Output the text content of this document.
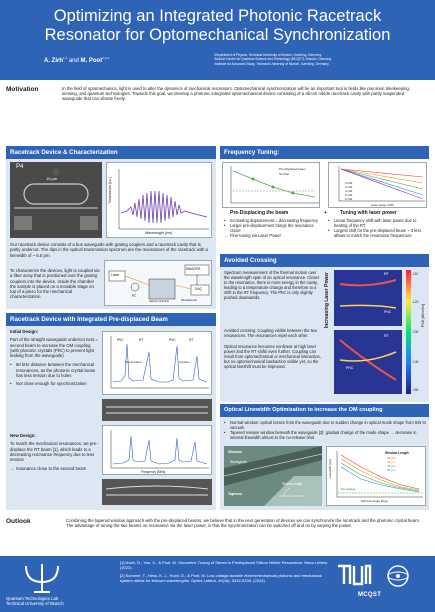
Optimizing an Integrated Photonic Racetrack
Resonator for Optomechanical Synchronization
A. Zirh$^{1,2}$ and M. Poot$^{1,2,3}$
¹Department of Physics, Technical University of Munich, Garching, Germany
²Munich Center for Quantum Science and Technology (MCQST), Munich, Germany
³Institute for Advanced Study, Technical University of Munich, Garching, Germany
Motivation	In the field of optomechanics, light is used to alter the dynamics of mechanical resonators. Optomechanical synchronization will be an important tool in fields like precision timekeeping, sensing, and quantum technologies. Towards this goal, we develop a photonic integrated optomechanical device consisting of a silicon nitride racetrack cavity with partly suspended waveguide that can vibrate freely.
Racetrack Device & Characterization
10 µm
P4
Wavelength [nm]
Transmission [a.u.]
Our racetrack device consists of a bus waveguide with grating couplers and a racetrack cavity that is partly undercut. The dips in the optical transmission spectrum are the resonances of the racetrack with a linewidth of ~ 6.5 pm.
To characterize the devices, light is coupled via a fiber array that is positioned over the grating couplers into the device. Inside the chamber the sample is placed on a movable stage on top of a piezo for the mechanical characterization.
Laser
PC
NWA/SPA
DAQ
Photodetector
Vacuum chamber
Racetrack Device with Integrated Pre-displaced Beam
Initial Design:
Part of the straight waveguide undercut next = second beam to increase the OM coupling (with photonic crystals (PhC) to prevent light leaking from the waveguide)
• 50 kHz distance between the mechanical resonances, as the photonic crystal beam has less tension due to holes
• Not close enough for synchronization
New Design:
To match the mechanical resonances, we pre-displace the RT beam [1], which leads to a decreasing resonance frequency due to less tension
→ resonance close to the second beam
PhC	RT	PhC	RT
In-plane
Out-of-plane
Frequency [MHz]
Frequency Tuning:
Pre-displaced beam
Normal
0 mW
2 mW
4 mW
6 mW
8 mW
Laser power [mW]
Pre-Displacing the beam	+	Tuning with laser power
• Increasing displacement = decreasing frequency
• Larger pre-displacement brings the resonance closer
→ Fine-tuning via Laser Power
• Linear frequency shift with laser power due to heating of the RT
• Largest shift for the pre-displaced beam ~ 3 kHz allows to match the resonance frequencies
Avoided Crossing
Spectrum measurement of the thermal motion over the wavelength span of an optical resonance. Closer to the resonance, there is more energy in the cavity, leading to a temperature change and therefore to a shift in the RT frequency. The PhC is only slightly pushed downwards.
Avoided crossing: Coupling visible between the two resonances. The resonances repel each other.
Optical resonance becomes nonlinear at high laser power and the RT shifts even further. Coupling can result from optomechanical or mechanical interaction, but no optomechanical backaction visible yet, so the optical lineshift must be improved.
Increasing Laser Power	RT
PhC
RT
PhC
-110
-120
-130
-140
-150
PSD [dBm/Hz]
Optical Linewidth Optimization to increase the OM coupling
• Normal window: optical losses from the waveguide due to sudden change in optical mode shape from SiN to vacuum
• Tapered release window beneath the waveguide [2]: gradual change of the mode shape → decrease in internal linewidth almost to the no-release limit
Window
Waveguide
Tapered
Window Angle
Window Length
25 µm
35 µm
45 µm
55 µm
No release
Window Angle [deg]
Linewidth [pm]
Outlook	Combining the tapered window approach with the pre-displaced beams, we believe that in the next generation of devices we can synchronize the racetrack and the photonic crystal beam. The advantage of tuning the two beams on resonance via the laser power, is that the synchronization can be switched off and on by varying the power.
Quantum Technologies Lab
Technical University of Munich
[1] Huch, D., Yao, X., & Poot, M. Geometric Tuning of Stress in Predisplaced Silicon Nitride Resonators. Nano Letters. (2022).
[2] Sommer, T., Hess, K. J., Huch, D., & Poot, M. Low-voltage-tunable electromechanical photonic and mechanical system nitride for telecom wavelengths. Optics Letters, 49(18), 5332-5335. (2024).
MCQST
